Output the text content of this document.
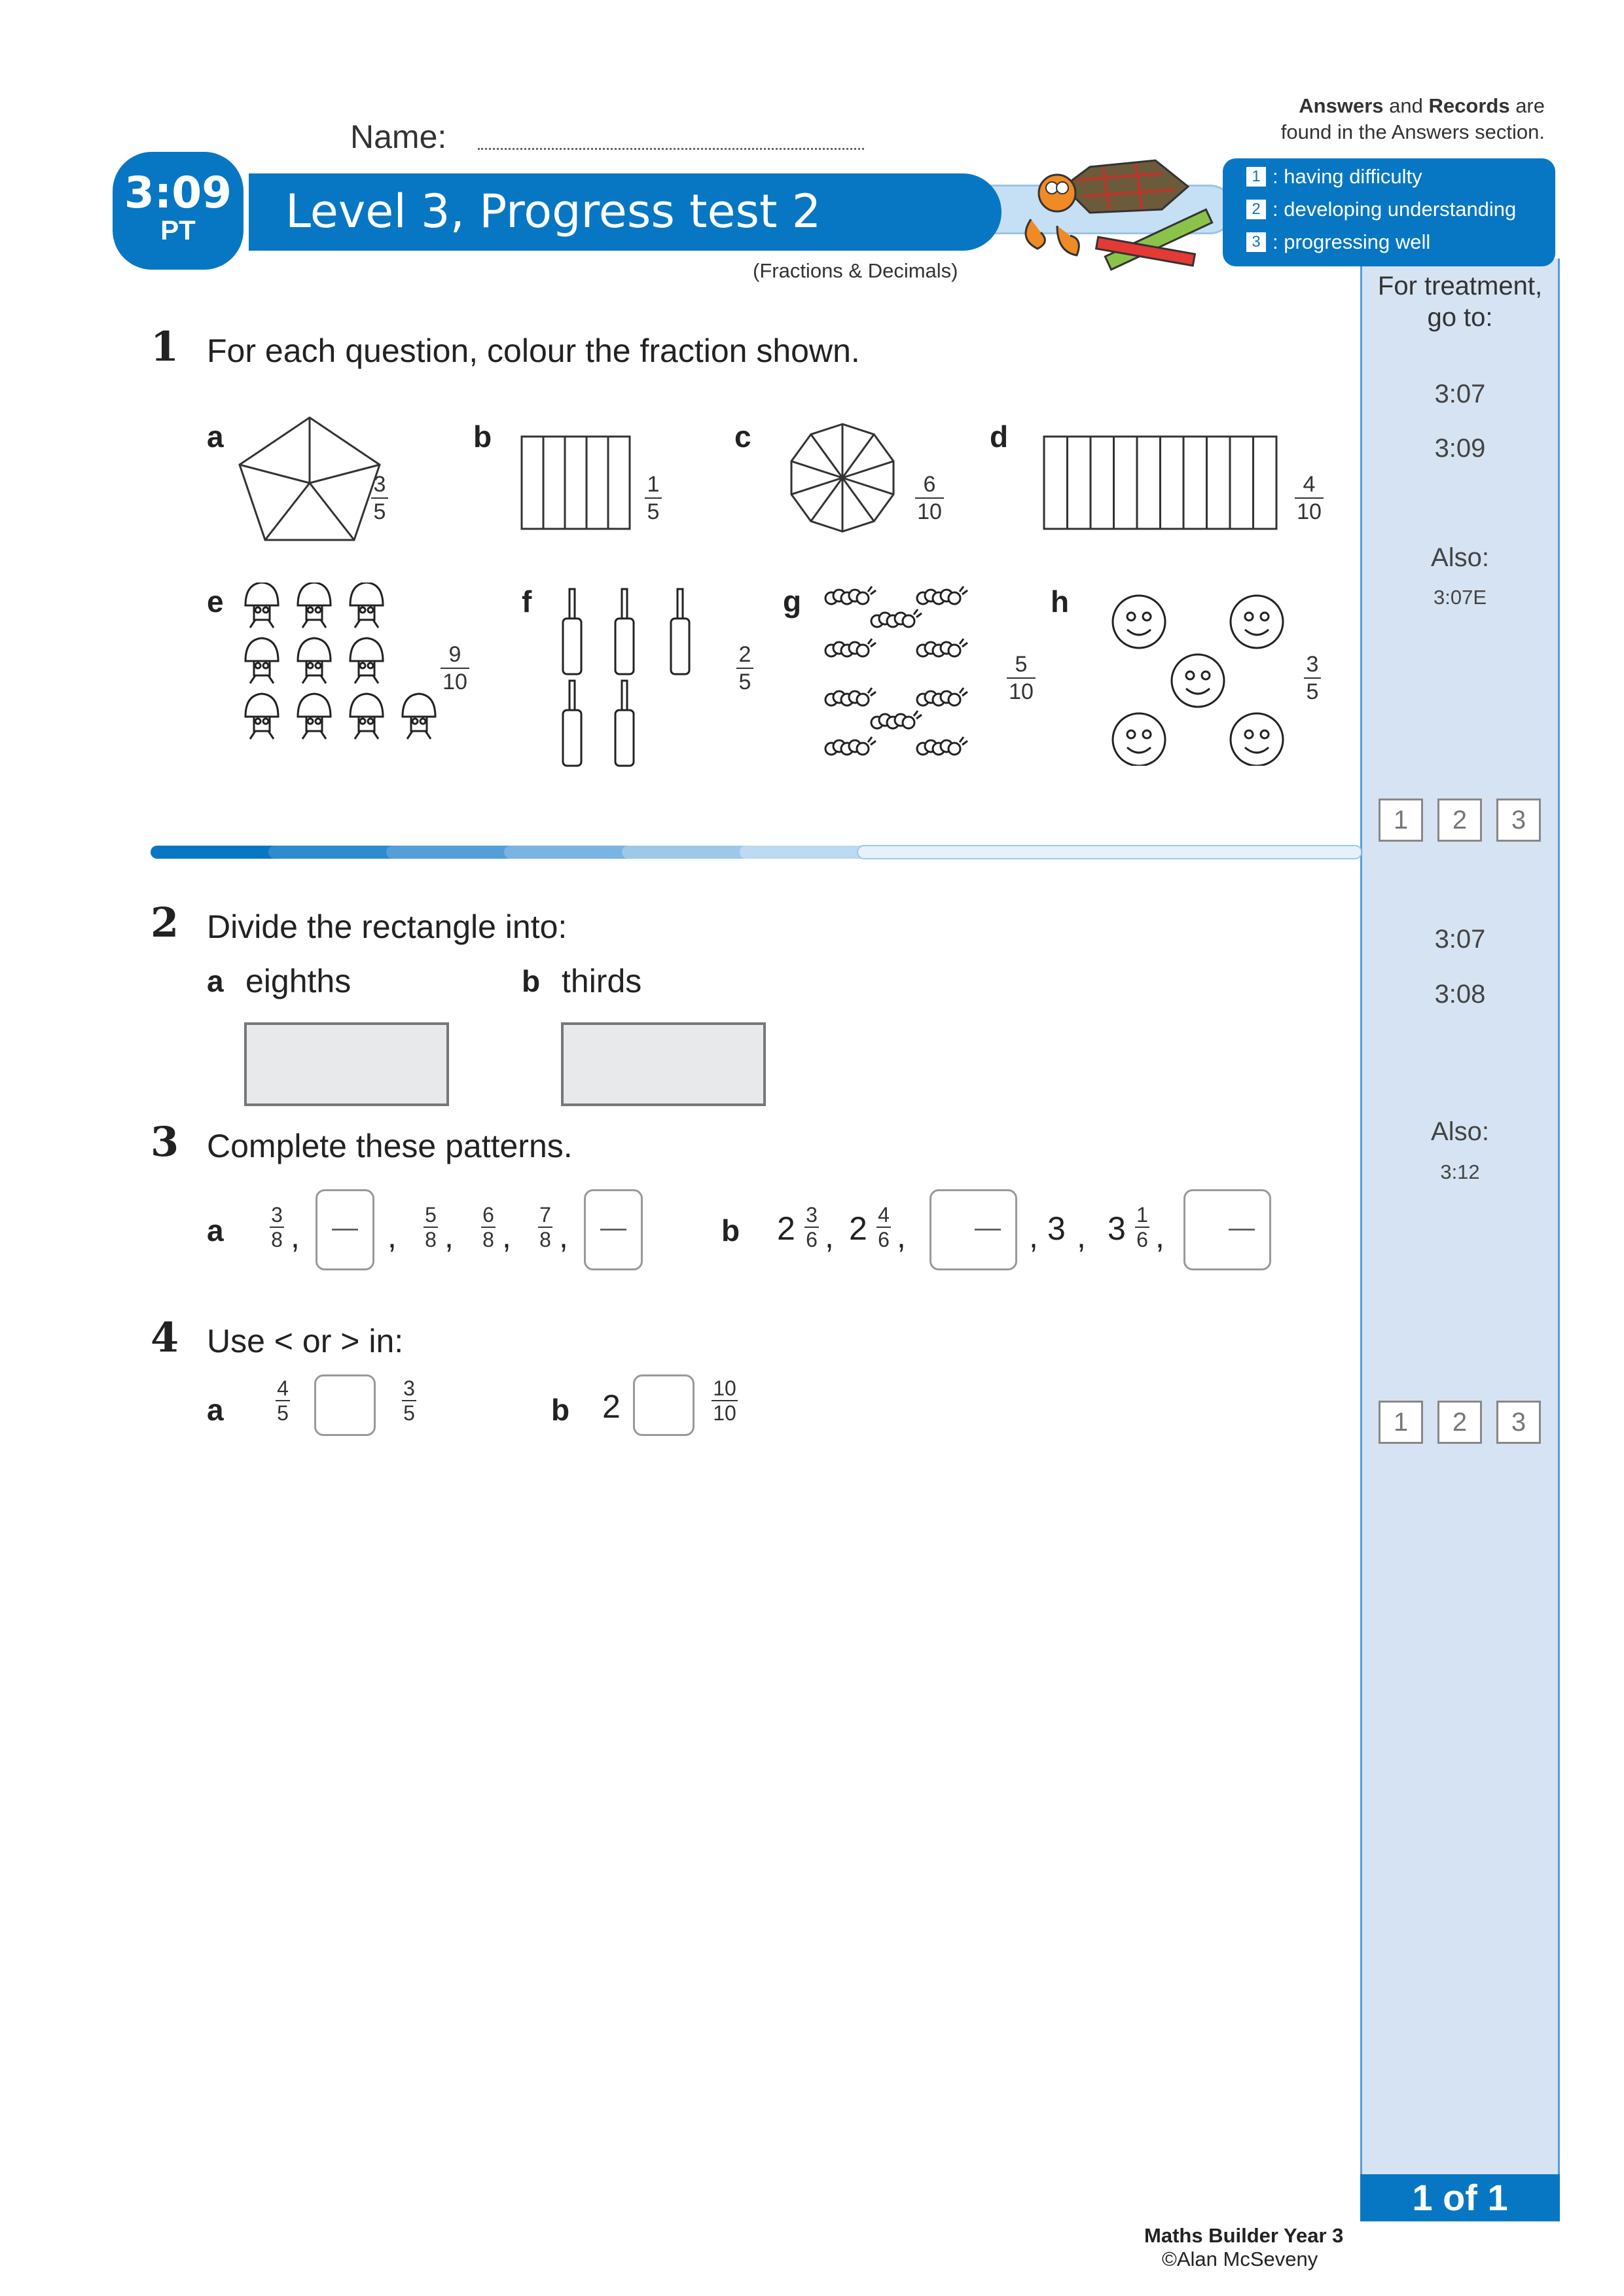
Answers and Records are
found in the Answers section.
Name:
For treatment,
go to:
3:07
3:09
Also:
3:07E
3:07
3:08
Also:
3:12
1	2	3
1	2	3
1 of 1
3:09
PT	Level 3, Progress test 2
(Fractions & Decimals)
1 : having difficulty
2 : developing understanding
3 : progressing well
1 For each question, colour the fraction shown.
a	b	c	d
e	f	g	h
3
5
1
5
6
10
4
10
9
10
2
5
5
10
3
5
2 Divide the rectangle into:
a eighths	b thirds
3 Complete these patterns.
a 3
8 ,	— ,
5
8 ,
6
8 ,
7
8 ,	—	b 2 3
6 , 2 4
6 ,	— , 3 , 3 1
6 ,	—
4 Use < or > in:
a
4
5
3
5	b 2	10
10
Maths Builder Year 3
©Alan McSeveny
